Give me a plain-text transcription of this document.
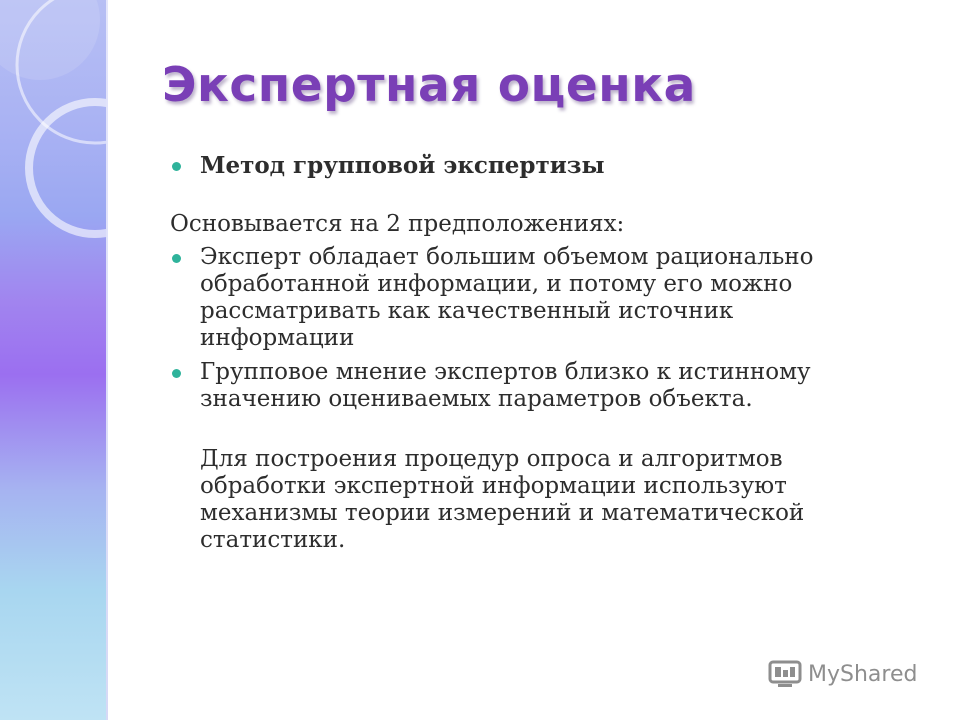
Экспертная оценка
Метод групповой экспертизы
Основывается на 2 предположениях:
Эксперт обладает большим объемом рационально обработанной информации, и потому его можно рассматривать как качественный источник информации
Групповое мнение экспертов близко к истинному значению оцениваемых параметров объекта.
Для построения процедур опроса и алгоритмов обработки экспертной информации используют механизмы теории измерений и математической статистики.
MyShared
